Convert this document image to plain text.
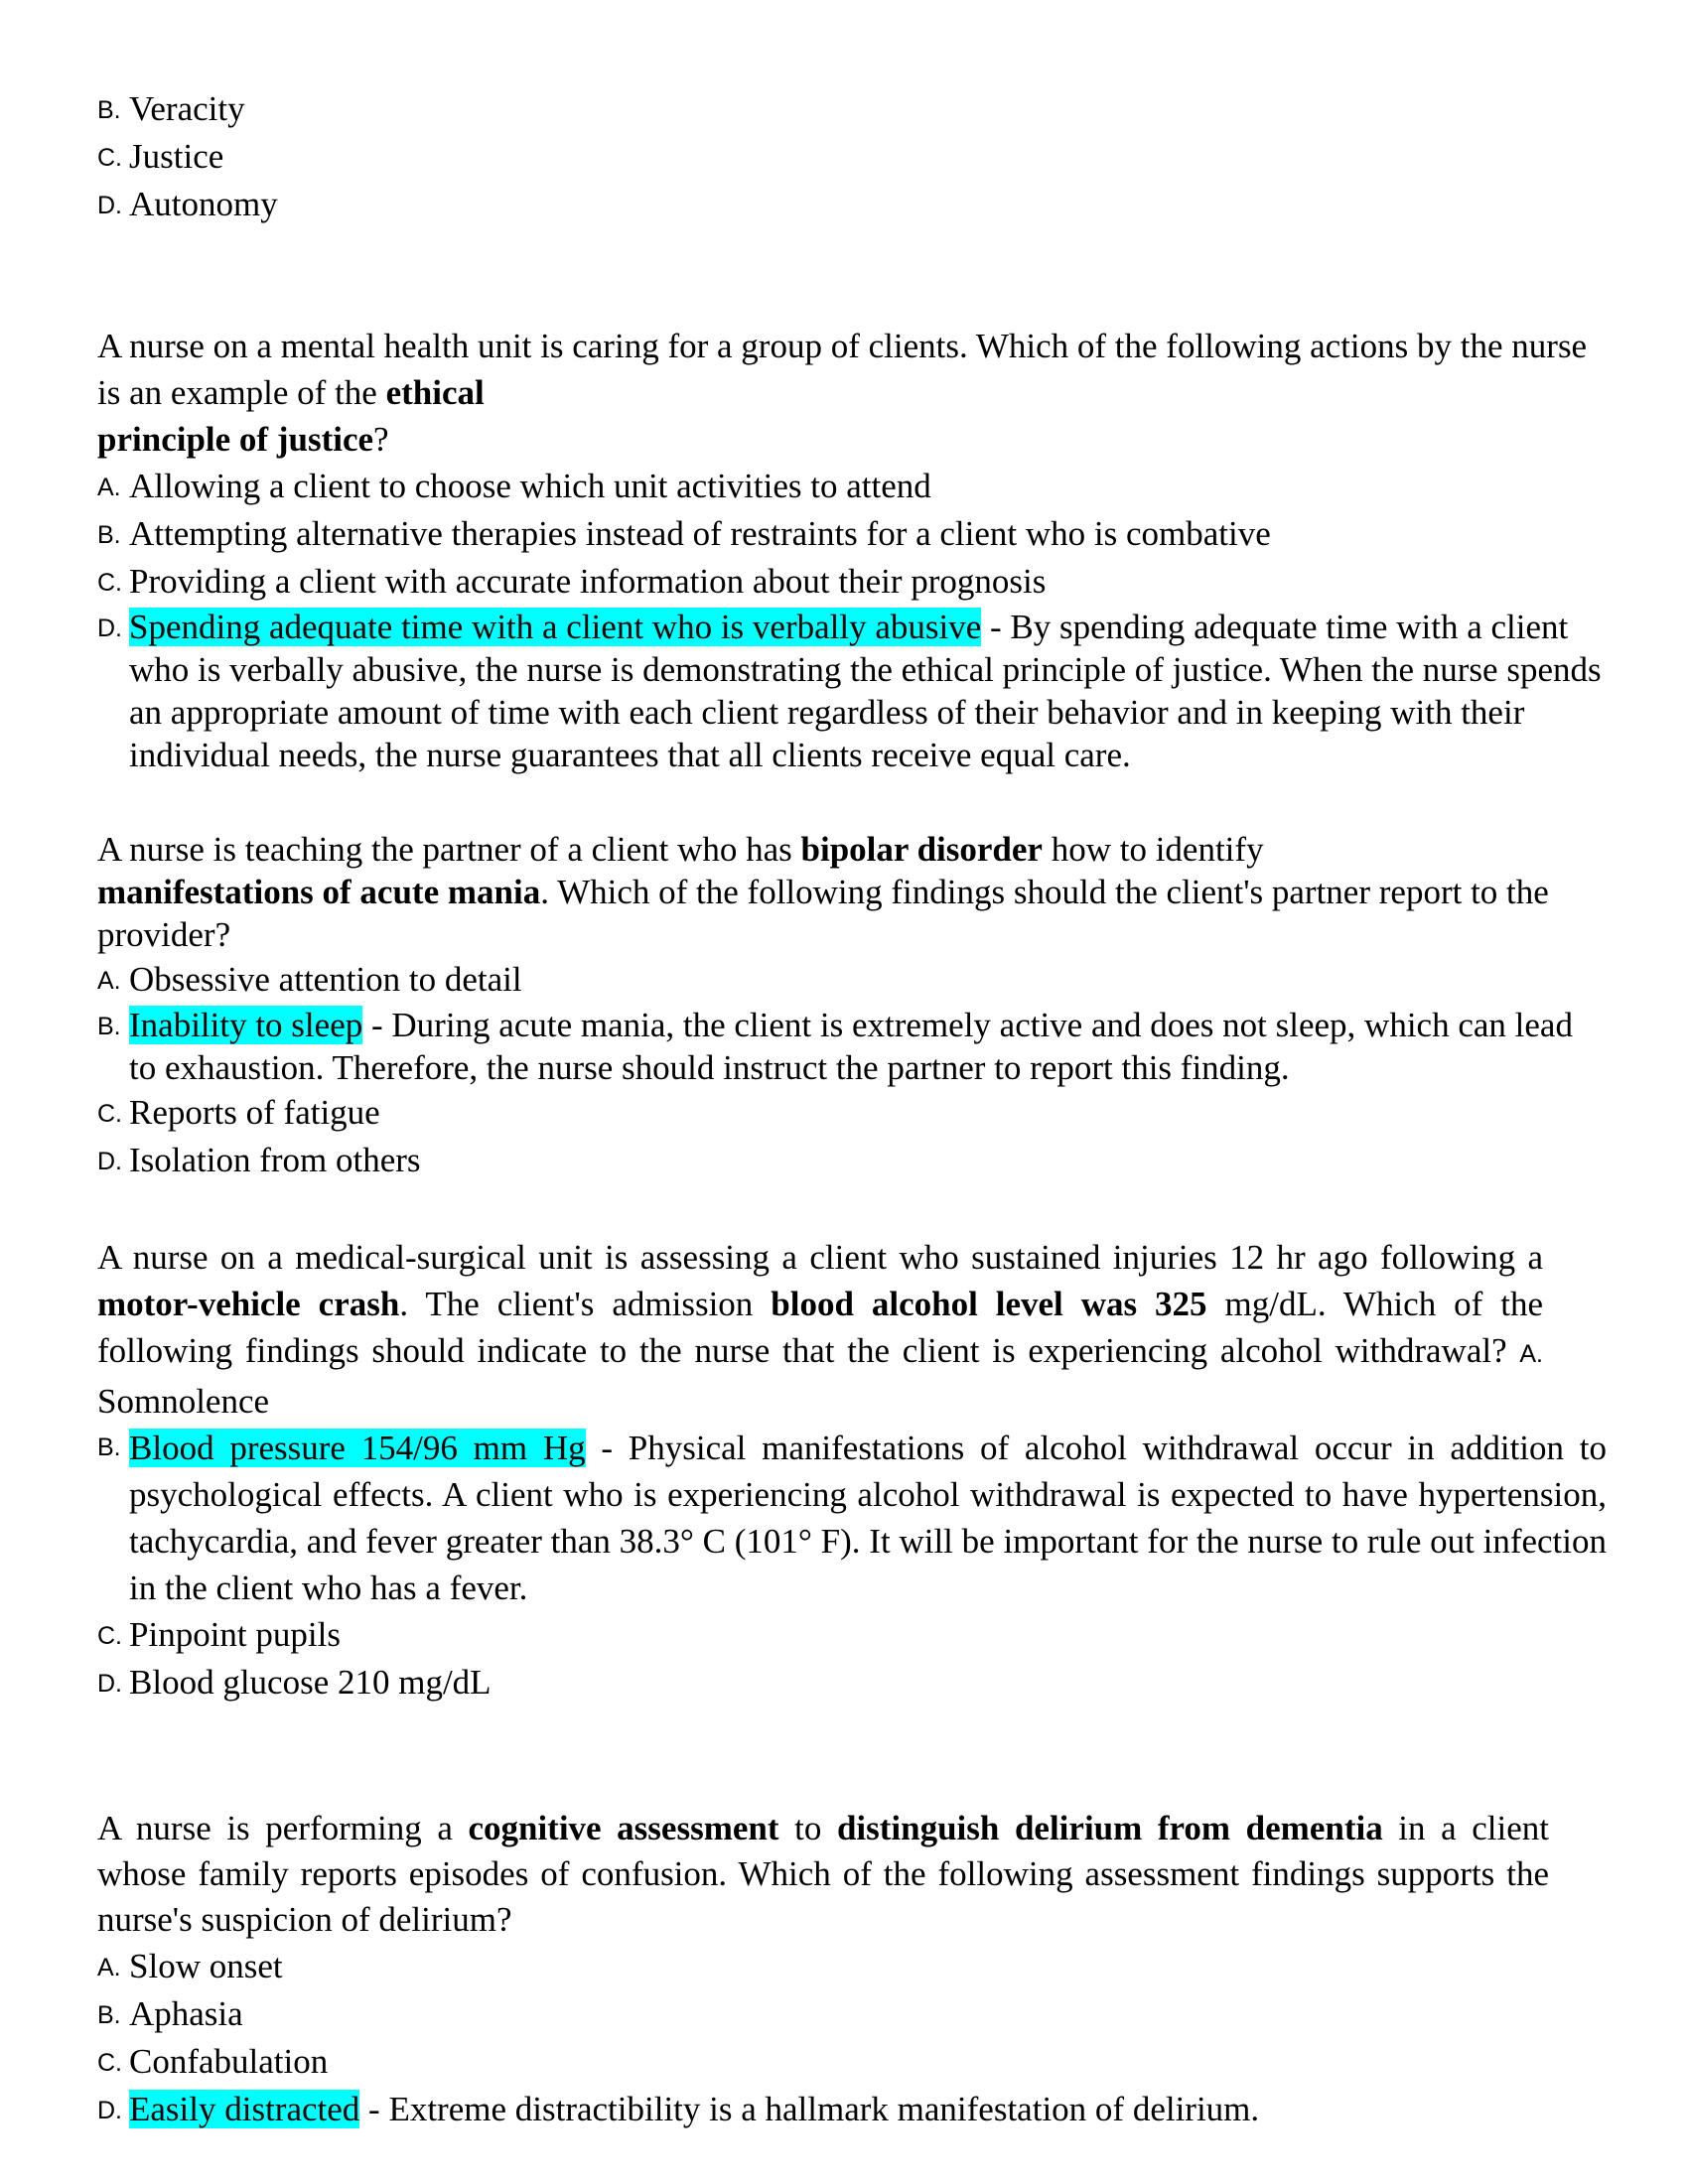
B. Veracity
C. Justice
D. Autonomy
A nurse on a mental health unit is caring for a group of clients. Which of the following actions by the nurse is an example of the ethical
principle of justice?
A. Allowing a client to choose which unit activities to attend
B. Attempting alternative therapies instead of restraints for a client who is combative
C. Providing a client with accurate information about their prognosis
D. Spending adequate time with a client who is verbally abusive - By spending adequate time with a client who is verbally abusive, the nurse is demonstrating the ethical principle of justice. When the nurse spends an appropriate amount of time with each client regardless of their behavior and in keeping with their individual needs, the nurse guarantees that all clients receive equal care.
A nurse is teaching the partner of a client who has bipolar disorder how to identify
manifestations of acute mania. Which of the following findings should the client's partner report to the provider?
A. Obsessive attention to detail
B. Inability to sleep - During acute mania, the client is extremely active and does not sleep, which can lead to exhaustion. Therefore, the nurse should instruct the partner to report this finding.
C. Reports of fatigue
D. Isolation from others
A nurse on a medical-surgical unit is assessing a client who sustained injuries 12 hr ago following a motor-vehicle crash. The client's admission blood alcohol level was 325 mg/dL. Which of the following findings should indicate to the nurse that the client is experiencing alcohol withdrawal? A. Somnolence
B. Blood pressure 154/96 mm Hg - Physical manifestations of alcohol withdrawal occur in addition to psychological effects. A client who is experiencing alcohol withdrawal is expected to have hypertension, tachycardia, and fever greater than 38.3° C (101° F). It will be important for the nurse to rule out infection in the client who has a fever.
C. Pinpoint pupils
D. Blood glucose 210 mg/dL
A nurse is performing a cognitive assessment to distinguish delirium from dementia in a client whose family reports episodes of confusion. Which of the following assessment findings supports the nurse's suspicion of delirium?
A. Slow onset
B. Aphasia
C. Confabulation
D. Easily distracted - Extreme distractibility is a hallmark manifestation of delirium.
